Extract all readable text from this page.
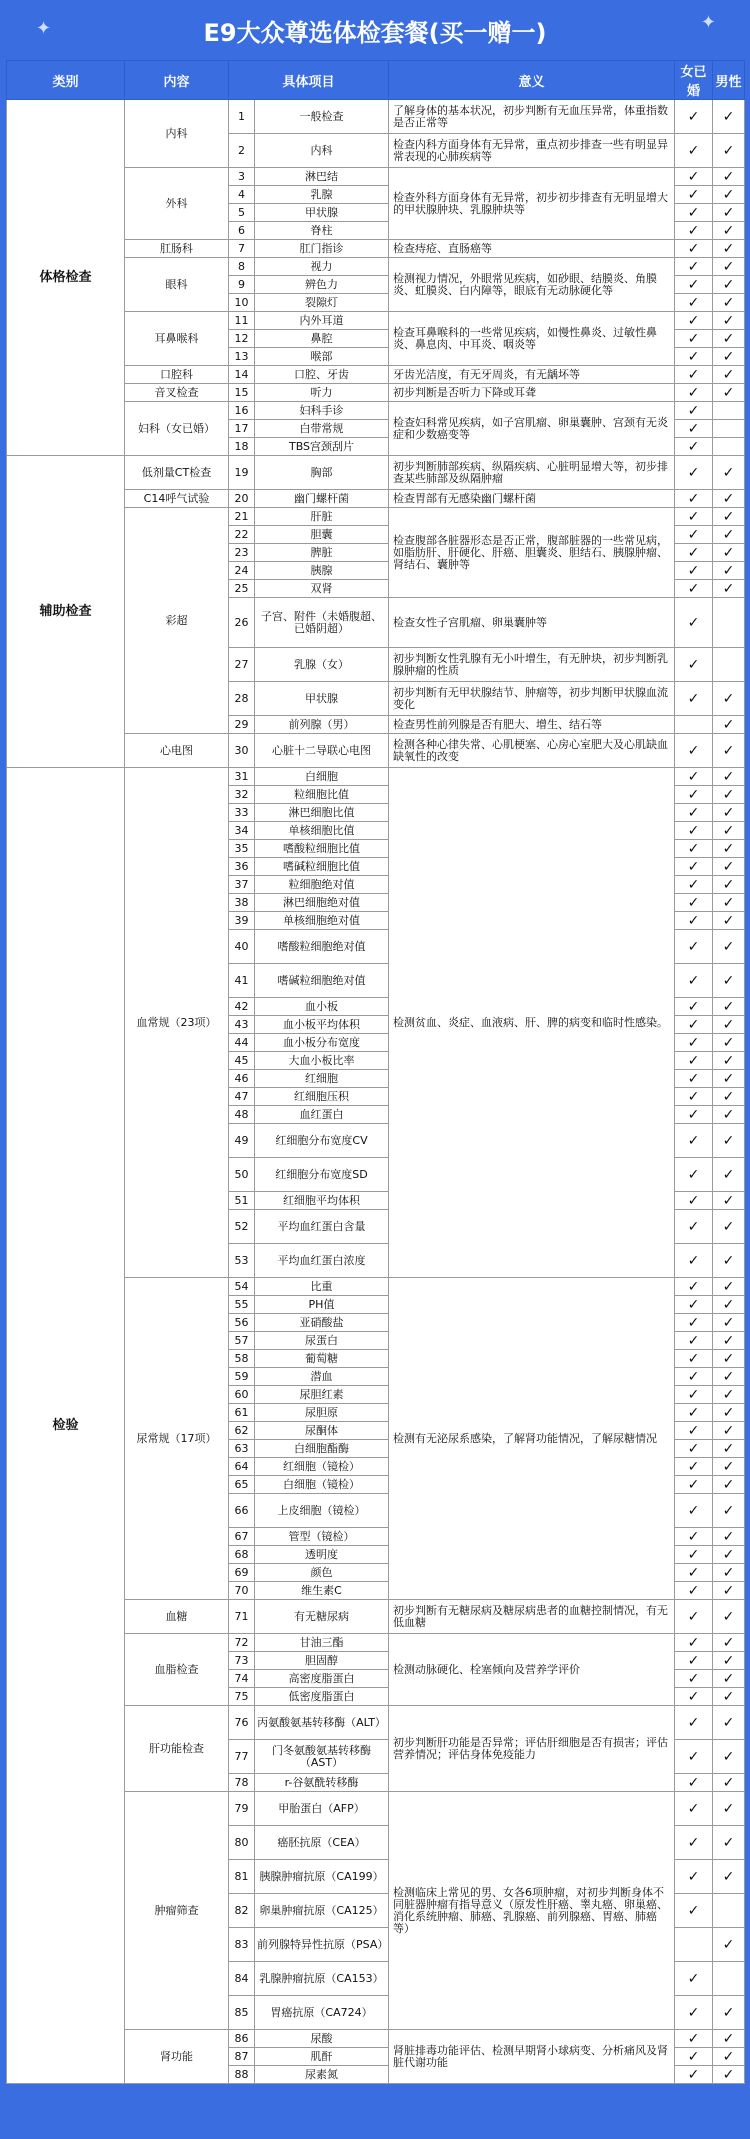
✦	E9大众尊选体检套餐(买一赠一)	✦
类别	内容	具体项目		意义	女已婚	男性
体格检查	内科	1	一般检查	了解身体的基本状况，初步判断有无血压异常，体重指数是否正常等	✓	✓
		2	内科	检查内科方面身体有无异常，重点初步排查一些有明显异常表现的心肺疾病等	✓	✓
	外科	3	淋巴结	检查外科方面身体有无异常，初步初步排查有无明显增大的甲状腺肿块、乳腺肿块等	✓	✓
		4	乳腺		✓	✓
		5	甲状腺		✓	✓
		6	脊柱		✓	✓
	肛肠科	7	肛门指诊	检查痔疮、直肠癌等	✓	✓
	眼科	8	视力	检测视力情况，外眼常见疾病，如砂眼、结膜炎、角膜炎、虹膜炎、白内障等，眼底有无动脉硬化等	✓	✓
		9	辨色力		✓	✓
		10	裂隙灯		✓	✓
	耳鼻喉科	11	内外耳道	检查耳鼻喉科的一些常见疾病，如慢性鼻炎、过敏性鼻炎、鼻息肉、中耳炎、咽炎等	✓	✓
		12	鼻腔		✓	✓
		13	喉部		✓	✓
	口腔科	14	口腔、牙齿	牙齿光洁度，有无牙周炎，有无龋坏等	✓	✓
	音叉检查	15	听力	初步判断是否听力下降或耳聋	✓	✓
	妇科（女已婚）	16	妇科手诊	检查妇科常见疾病，如子宫肌瘤、卵巢囊肿、宫颈有无炎症和少数癌变等	✓	
		17	白带常规		✓	
		18	TBS宫颈刮片		✓	
辅助检查	低剂量CT检查	19	胸部	初步判断肺部疾病、纵隔疾病、心脏明显增大等，初步排查某些肺部及纵隔肿瘤	✓	✓
	C14呼气试验	20	幽门螺杆菌	检查胃部有无感染幽门螺杆菌	✓	✓
	彩超	21	肝脏	检查腹部各脏器形态是否正常，腹部脏器的一些常见病，如脂肪肝、肝硬化、肝癌、胆囊炎、胆结石、胰腺肿瘤、肾结石、囊肿等	✓	✓
		22	胆囊		✓	✓
		23	脾脏		✓	✓
		24	胰腺		✓	✓
		25	双肾		✓	✓
		26	子宫、附件（未婚腹超、已婚阴超）	检查女性子宫肌瘤、卵巢囊肿等	✓	
		27	乳腺（女）	初步判断女性乳腺有无小叶增生，有无肿块，初步判断乳腺肿瘤的性质	✓	
		28	甲状腺	初步判断有无甲状腺结节、肿瘤等，初步判断甲状腺血流变化	✓	✓
		29	前列腺（男）	检查男性前列腺是否有肥大、增生、结石等		✓
	心电图	30	心脏十二导联心电图	检测各种心律失常、心肌梗塞、心房心室肥大及心肌缺血缺氧性的改变	✓	✓
检验	血常规（23项）	31	白细胞	检测贫血、炎症、血液病、肝、脾的病变和临时性感染。	✓	✓
		32	粒细胞比值		✓	✓
		33	淋巴细胞比值		✓	✓
		34	单核细胞比值		✓	✓
		35	嗜酸粒细胞比值		✓	✓
		36	嗜碱粒细胞比值		✓	✓
		37	粒细胞绝对值		✓	✓
		38	淋巴细胞绝对值		✓	✓
		39	单核细胞绝对值		✓	✓
		40	嗜酸粒细胞绝对值		✓	✓
		41	嗜碱粒细胞绝对值		✓	✓
		42	血小板		✓	✓
		43	血小板平均体积		✓	✓
		44	血小板分布宽度		✓	✓
		45	大血小板比率		✓	✓
		46	红细胞		✓	✓
		47	红细胞压积		✓	✓
		48	血红蛋白		✓	✓
		49	红细胞分布宽度CV		✓	✓
		50	红细胞分布宽度SD		✓	✓
		51	红细胞平均体积		✓	✓
		52	平均血红蛋白含量		✓	✓
		53	平均血红蛋白浓度		✓	✓
	尿常规（17项）	54	比重	检测有无泌尿系感染，了解肾功能情况，了解尿糖情况	✓	✓
		55	PH值		✓	✓
		56	亚硝酸盐		✓	✓
		57	尿蛋白		✓	✓
		58	葡萄糖		✓	✓
		59	潜血		✓	✓
		60	尿胆红素		✓	✓
		61	尿胆原		✓	✓
		62	尿酮体		✓	✓
		63	白细胞酯酶		✓	✓
		64	红细胞（镜检）		✓	✓
		65	白细胞（镜检）		✓	✓
		66	上皮细胞（镜检）		✓	✓
		67	管型（镜检）		✓	✓
		68	透明度		✓	✓
		69	颜色		✓	✓
		70	维生素C		✓	✓
	血糖	71	有无糖尿病	初步判断有无糖尿病及糖尿病患者的血糖控制情况，有无低血糖	✓	✓
	血脂检查	72	甘油三酯	检测动脉硬化、栓塞倾向及营养学评价	✓	✓
		73	胆固醇		✓	✓
		74	高密度脂蛋白		✓	✓
		75	低密度脂蛋白		✓	✓
	肝功能检查	76	丙氨酸氨基转移酶（ALT）	初步判断肝功能是否异常；评估肝细胞是否有损害；评估营养情况；评估身体免疫能力	✓	✓
		77	门冬氨酸氨基转移酶（AST）		✓	✓
		78	r-谷氨酰转移酶		✓	✓
	肿瘤筛查	79	甲胎蛋白（AFP）	检测临床上常见的男、女各6项肿瘤，对初步判断身体不同脏器肿瘤有指导意义（原发性肝癌、睾丸癌、卵巢癌、消化系统肿瘤、肺癌、乳腺癌、前列腺癌、胃癌、肺癌等）	✓	✓
		80	癌胚抗原（CEA）		✓	✓
		81	胰腺肿瘤抗原（CA199）		✓	✓
		82	卵巢肿瘤抗原（CA125）		✓	
		83	前列腺特异性抗原（PSA）			✓
		84	乳腺肿瘤抗原（CA153）		✓	
		85	胃癌抗原（CA724）		✓	✓
	肾功能	86	尿酸	肾脏排毒功能评估、检测早期肾小球病变、分析痛风及肾脏代谢功能	✓	✓
		87	肌酐		✓	✓
		88	尿素氮		✓	✓
